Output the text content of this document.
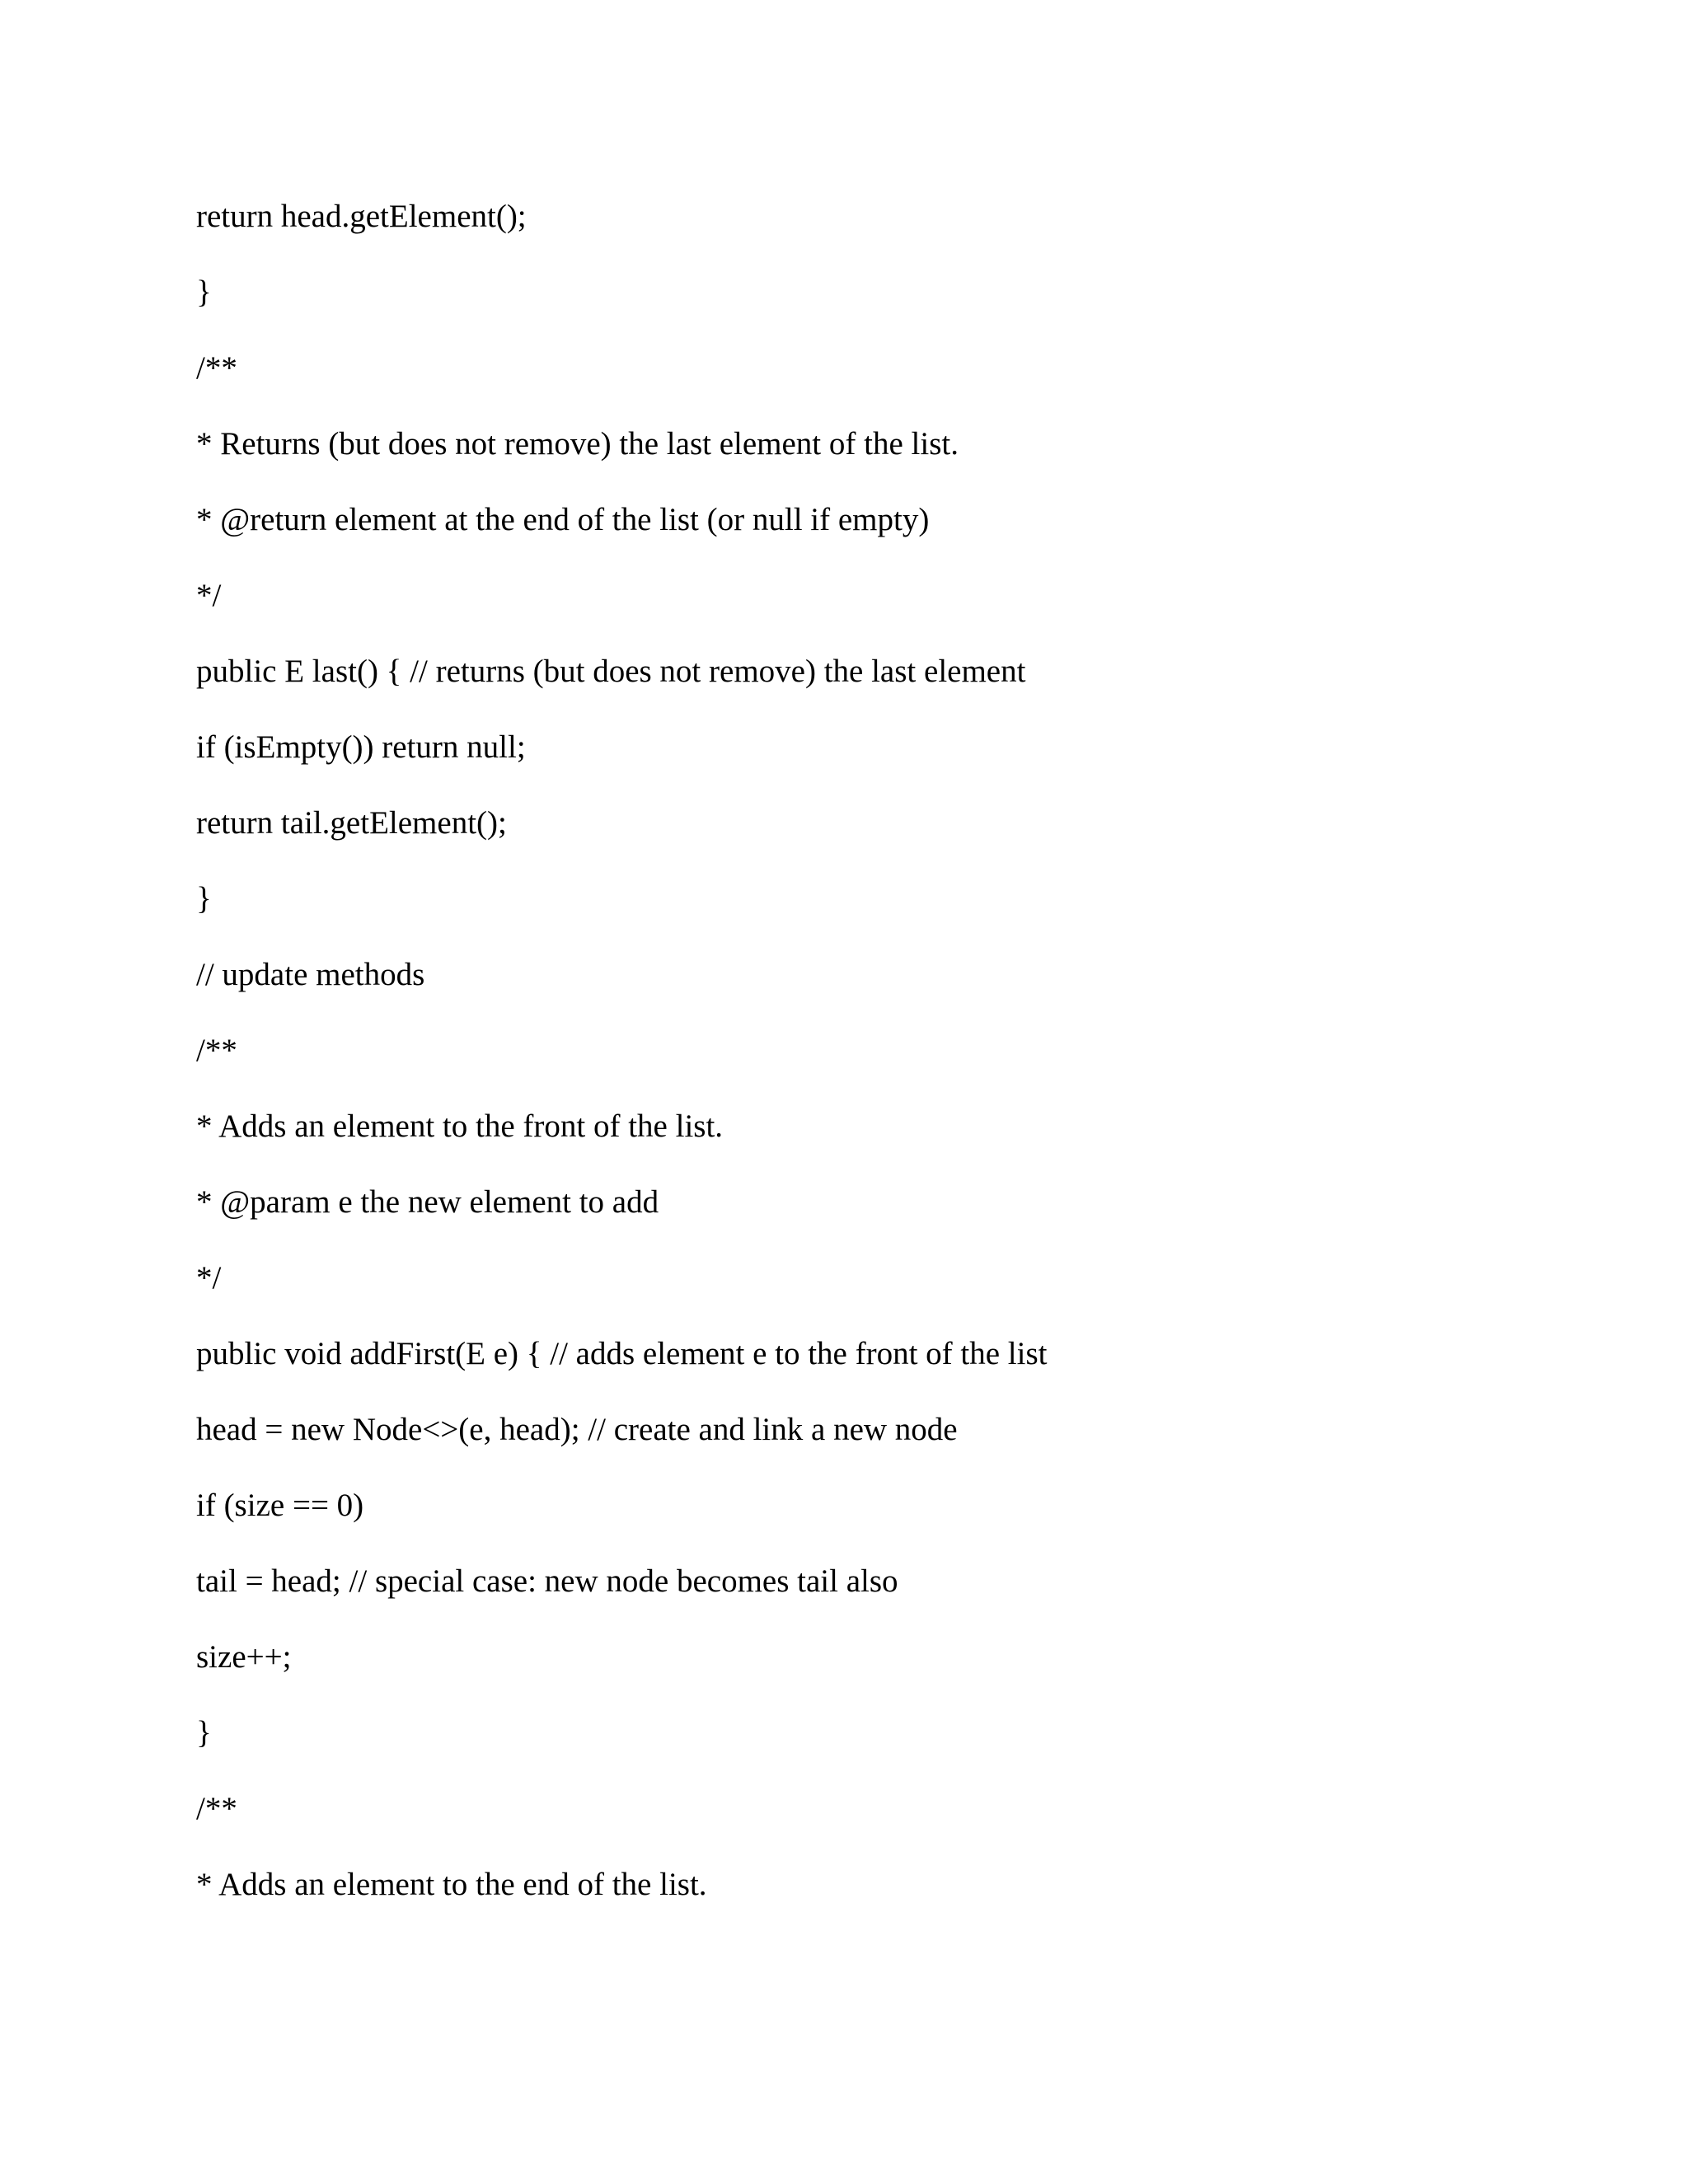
return head.getElement();
}
/**
* Returns (but does not remove) the last element of the list.
* @return element at the end of the list (or null if empty)
*/
public E last() { // returns (but does not remove) the last element
if (isEmpty()) return null;
return tail.getElement();
}
// update methods
/**
* Adds an element to the front of the list.
* @param e the new element to add
*/
public void addFirst(E e) { // adds element e to the front of the list
head = new Node<>(e, head); // create and link a new node
if (size == 0)
tail = head; // special case: new node becomes tail also
size++;
}
/**
* Adds an element to the end of the list.
